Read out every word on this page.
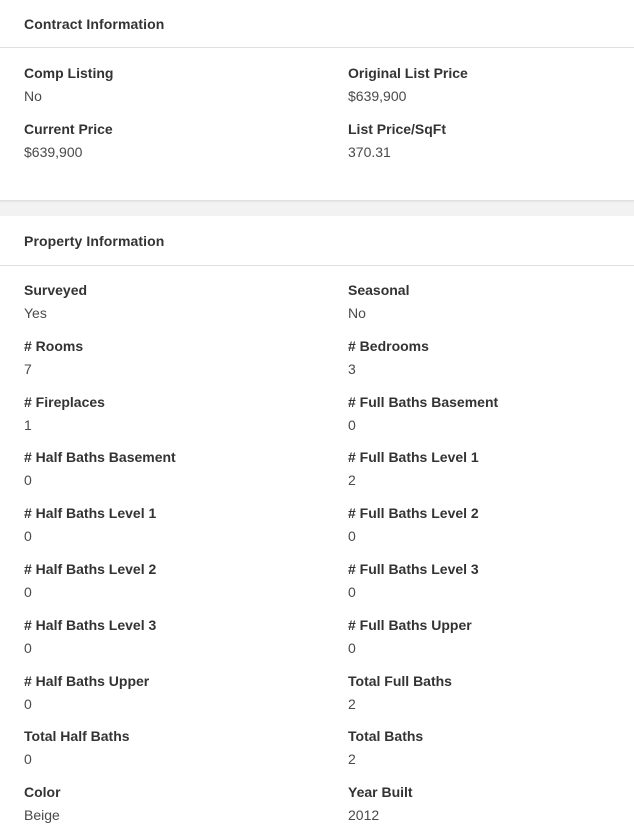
Contract Information
Comp Listing
No
Original List Price
$639,900
Current Price
$639,900
List Price/SqFt
370.31
Property Information
Surveyed
Yes
Seasonal
No
# Rooms
7
# Bedrooms
3
# Fireplaces
1
# Full Baths Basement
0
# Half Baths Basement
0
# Full Baths Level 1
2
# Half Baths Level 1
0
# Full Baths Level 2
0
# Half Baths Level 2
0
# Full Baths Level 3
0
# Half Baths Level 3
0
# Full Baths Upper
0
# Half Baths Upper
0
Total Full Baths
2
Total Half Baths
0
Total Baths
2
Color
Beige
Year Built
2012
